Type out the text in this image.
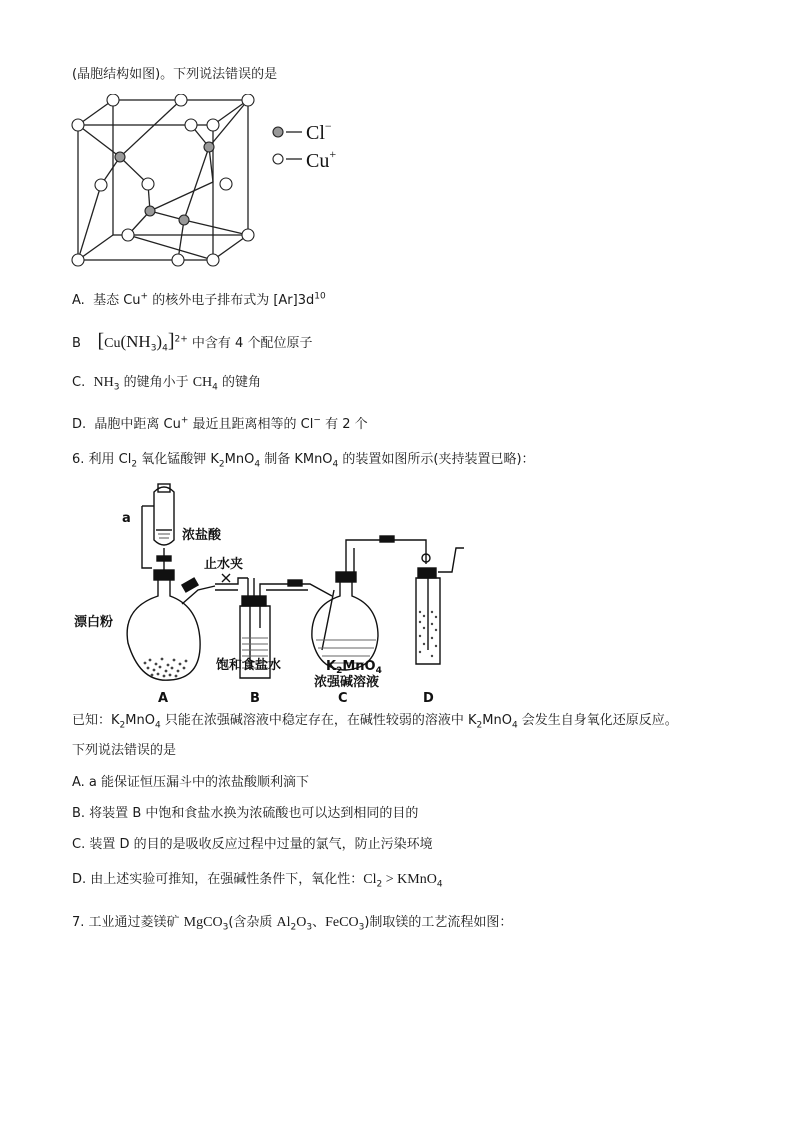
(晶胞结构如图)。下列说法错误的是
Cl−
Cu+
A. 基态 Cu+ 的核外电子排布式为 $[Ar]3d^{10}$
B $[Cu(NH_3)_4]^{2+}$ 中含有 4 个配位原子
C. $NH_3$ 的键角小于 $CH_4$ 的键角
D. 晶胞中距离 Cu+ 最近且距离相等的 Cl− 有 2 个
6. 利用 $Cl_2$ 氧化锰酸钾 $K_2MnO_4$ 制备 KMnO$_4$ 的装置如图所示(夹持装置已略)：
a
浓盐酸
止水夹
漂白粉
饱和食盐水	$K_2MnO_4$
浓强碱溶液
A	B	C	D
已知：$K_2MnO_4$ 只能在浓强碱溶液中稳定存在，在碱性较弱的溶液中 $K_2MnO_4$ 会发生自身氧化还原反应。
下列说法错误的是
A. a 能保证恒压漏斗中的浓盐酸顺利滴下
B. 将装置 B 中饱和食盐水换为浓硫酸也可以达到相同的目的
C. 装置 D 的目的是吸收反应过程中过量的氯气，防止污染环境
D. 由上述实验可推知，在强碱性条件下，氧化性：$Cl_2$ > KMnO$_4$
7. 工业通过菱镁矿 MgCO$_3$(含杂质 $Al_2O_3$、FeCO$_3$)制取镁的工艺流程如图：
